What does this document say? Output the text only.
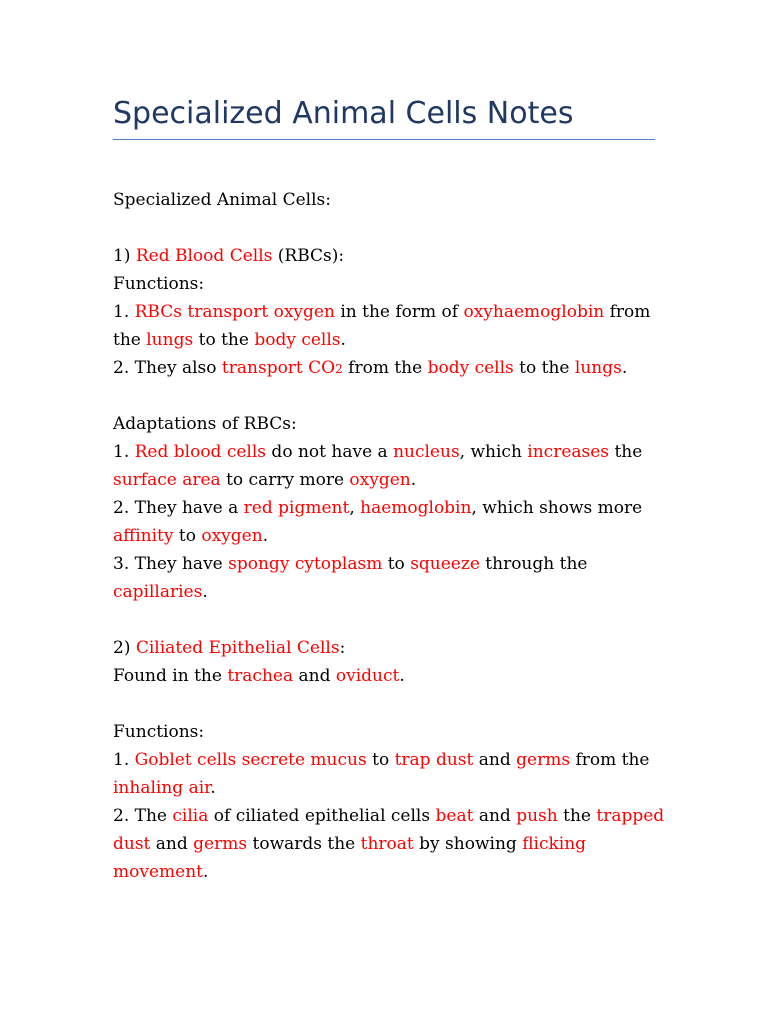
Specialized Animal Cells Notes
Specialized Animal Cells:

1) Red Blood Cells (RBCs):
Functions:
1. RBCs transport oxygen in the form of oxyhaemoglobin from
the lungs to the body cells.
2. They also transport CO2 from the body cells to the lungs.

Adaptations of RBCs:
1. Red blood cells do not have a nucleus, which increases the
surface area to carry more oxygen.
2. They have a red pigment, haemoglobin, which shows more
affinity to oxygen.
3. They have spongy cytoplasm to squeeze through the
capillaries.

2) Ciliated Epithelial Cells:
Found in the trachea and oviduct.

Functions:
1. Goblet cells secrete mucus to trap dust and germs from the
inhaling air.
2. The cilia of ciliated epithelial cells beat and push the trapped
dust and germs towards the throat by showing flicking
movement.
